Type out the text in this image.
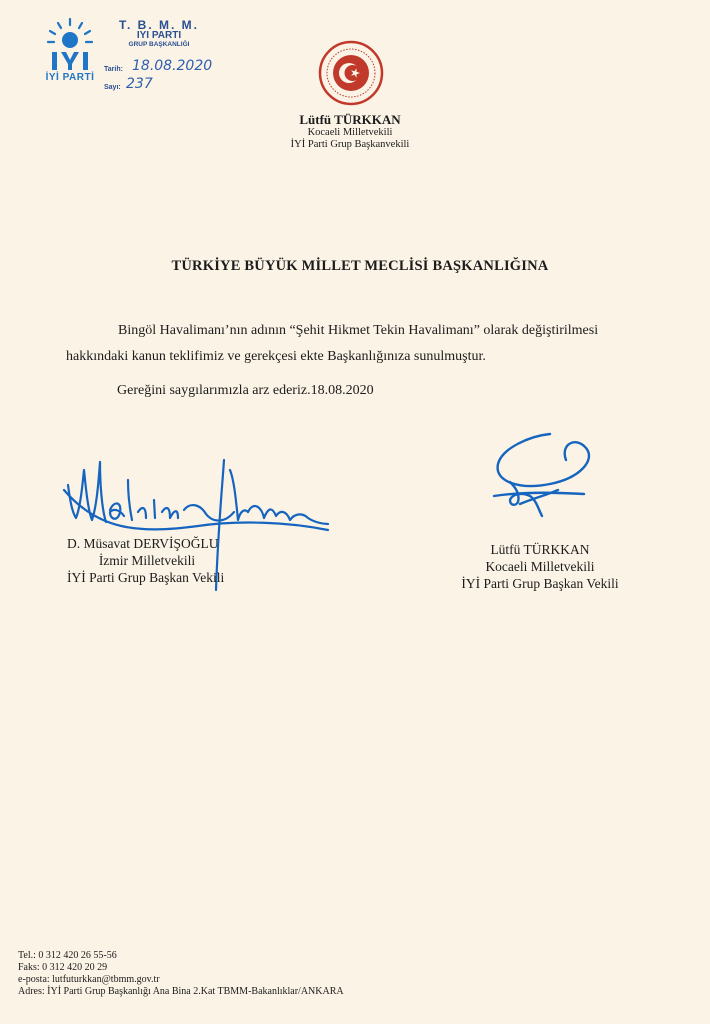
İYİ PARTİ
T. B. M. M.
IYI PARTI
GRUP BAŞKANLIĞI
Tarih: 18.08.2020
Sayı: 237
Lütfü TÜRKKAN
Kocaeli Milletvekili
İYİ Parti Grup Başkanvekili
TÜRKİYE BÜYÜK MİLLET MECLİSİ BAŞKANLIĞINA
Bingöl Havalimanı’nın adının “Şehit Hikmet Tekin Havalimanı” olarak değiştirilmesi
hakkındaki kanun teklifimiz ve gerekçesi ekte Başkanlığınıza sunulmuştur.
Gereğini saygılarımızla arz ederiz.18.08.2020
D. Müsavat DERVİŞOĞLU
İzmir Milletvekili
İYİ Parti Grup Başkan Vekili
Lütfü TÜRKKAN
Kocaeli Milletvekili
İYİ Parti Grup Başkan Vekili
Tel.: 0 312 420 26 55-56
Faks: 0 312 420 20 29
e-posta: lutfuturkkan@tbmm.gov.tr
Adres: İYİ Parti Grup Başkanlığı Ana Bina 2.Kat TBMM-Bakanlıklar/ANKARA
